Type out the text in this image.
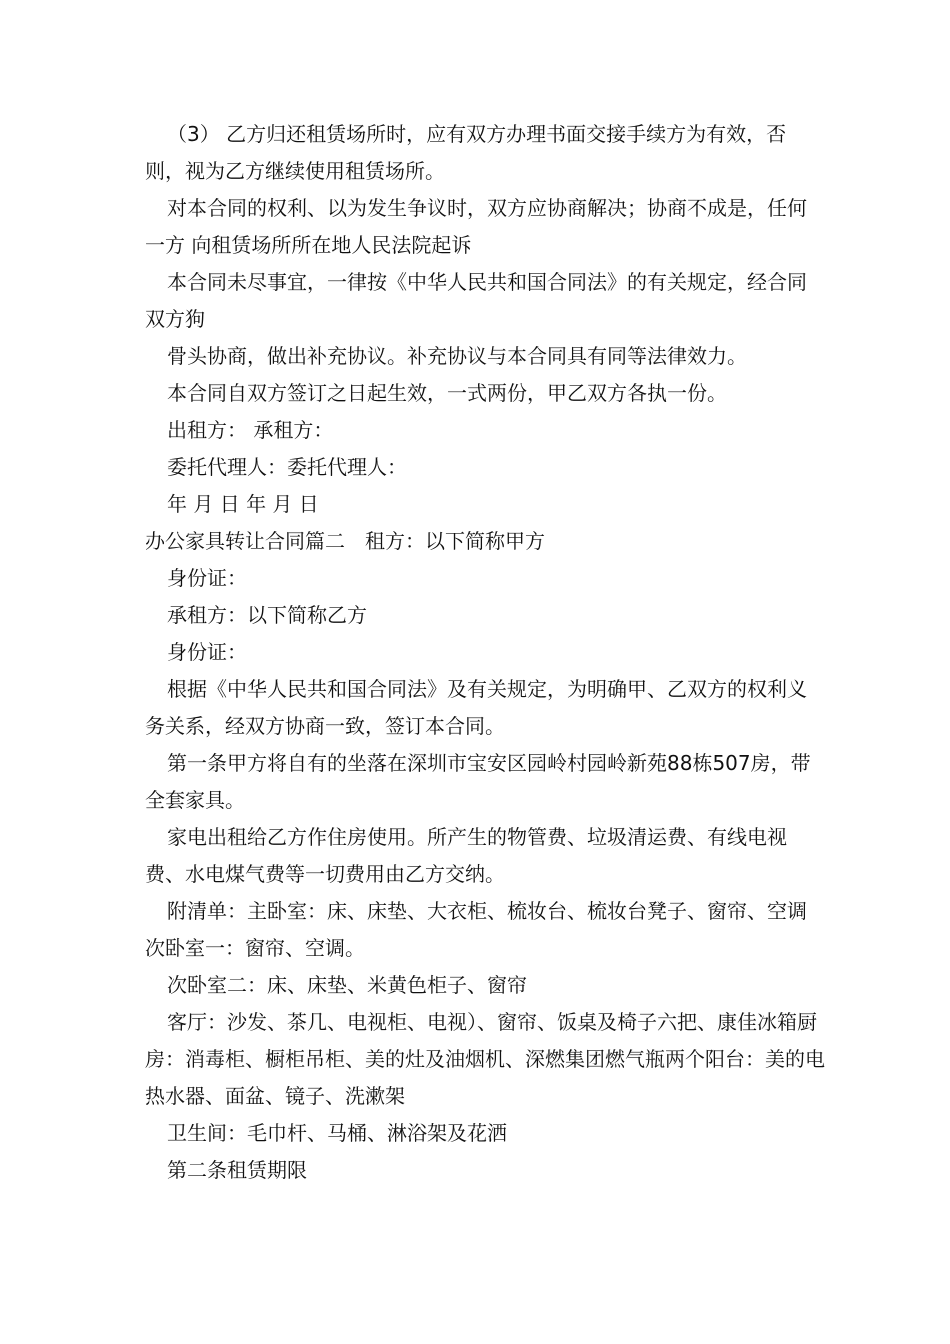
（3） 乙方归还租赁场所时，应有双方办理书面交接手续方为有效，否则，视为乙方继续使用租赁场所。

对本合同的权利、以为发生争议时，双方应协商解决；协商不成是，任何一方 向租赁场所所在地人民法院起诉

本合同未尽事宜，一律按《中华人民共和国合同法》的有关规定，经合同双方狗

骨头协商，做出补充协议。补充协议与本合同具有同等法律效力。

本合同自双方签订之日起生效，一式两份，甲乙双方各执一份。

出租方： 承租方：

委托代理人：委托代理人：

年 月 日 年 月 日

办公家具转让合同篇二　租方：以下简称甲方

身份证：

承租方：以下简称乙方

身份证：

根据《中华人民共和国合同法》及有关规定，为明确甲、乙双方的权利义务关系，经双方协商一致，签订本合同。

第一条甲方将自有的坐落在深圳市宝安区园岭村园岭新苑88栋507房，带全套家具。

家电出租给乙方作住房使用。所产生的物管费、垃圾清运费、有线电视费、水电煤气费等一切费用由乙方交纳。

附清单：主卧室：床、床垫、大衣柜、梳妆台、梳妆台凳子、窗帘、空调次卧室一：窗帘、空调。

次卧室二：床、床垫、米黄色柜子、窗帘

客厅：沙发、茶几、电视柜、电视）、窗帘、饭桌及椅子六把、康佳冰箱厨房：消毒柜、橱柜吊柜、美的灶及油烟机、深燃集团燃气瓶两个阳台：美的电热水器、面盆、镜子、洗漱架

卫生间：毛巾杆、马桶、淋浴架及花洒

第二条租赁期限
